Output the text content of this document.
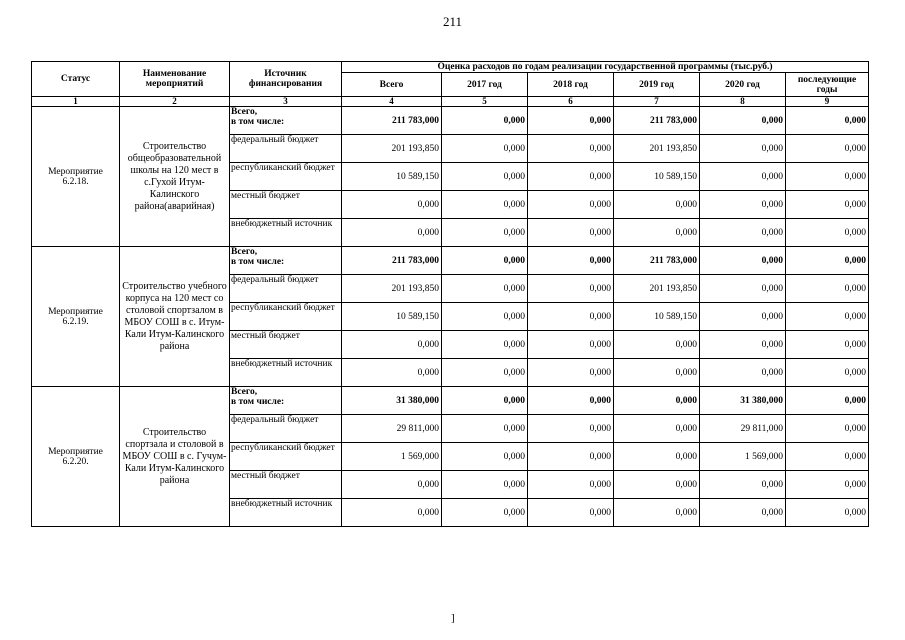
211
Статус	Наименование мероприятий	Источник финансирования	Оценка расходов по годам реализации государственной программы (тыс.руб.)					
			Всего	2017 год	2018 год	2019 год	2020 год	последующие годы
1	2	3	4	5	6	7	8	9
Мероприятие 6.2.18.	Строительство общеобразовательной школы на 120 мест в с.Гухой Итум-Калинского района(аварийная)	Всего,
в том числе:	211 783,000	0,000	0,000	211 783,000	0,000	0,000
		федеральный бюджет	201 193,850	0,000	0,000	201 193,850	0,000	0,000
		республиканский бюджет	10 589,150	0,000	0,000	10 589,150	0,000	0,000
		местный бюджет	0,000	0,000	0,000	0,000	0,000	0,000
		внебюджетный источник	0,000	0,000	0,000	0,000	0,000	0,000
Мероприятие 6.2.19.	Строительство учебного корпуса на 120 мест со столовой спортзалом в МБОУ СОШ в с. Итум-Кали Итум-Калинского района	Всего,
в том числе:	211 783,000	0,000	0,000	211 783,000	0,000	0,000
		федеральный бюджет	201 193,850	0,000	0,000	201 193,850	0,000	0,000
		республиканский бюджет	10 589,150	0,000	0,000	10 589,150	0,000	0,000
		местный бюджет	0,000	0,000	0,000	0,000	0,000	0,000
		внебюджетный источник	0,000	0,000	0,000	0,000	0,000	0,000
Мероприятие 6.2.20.	Строительство спортзала и столовой в МБОУ СОШ в с. Гучум-Кали Итум-Калинского района	Всего,
в том числе:	31 380,000	0,000	0,000	0,000	31 380,000	0,000
		федеральный бюджет	29 811,000	0,000	0,000	0,000	29 811,000	0,000
		республиканский бюджет	1 569,000	0,000	0,000	0,000	1 569,000	0,000
		местный бюджет	0,000	0,000	0,000	0,000	0,000	0,000
		внебюджетный источник	0,000	0,000	0,000	0,000	0,000	0,000
]
